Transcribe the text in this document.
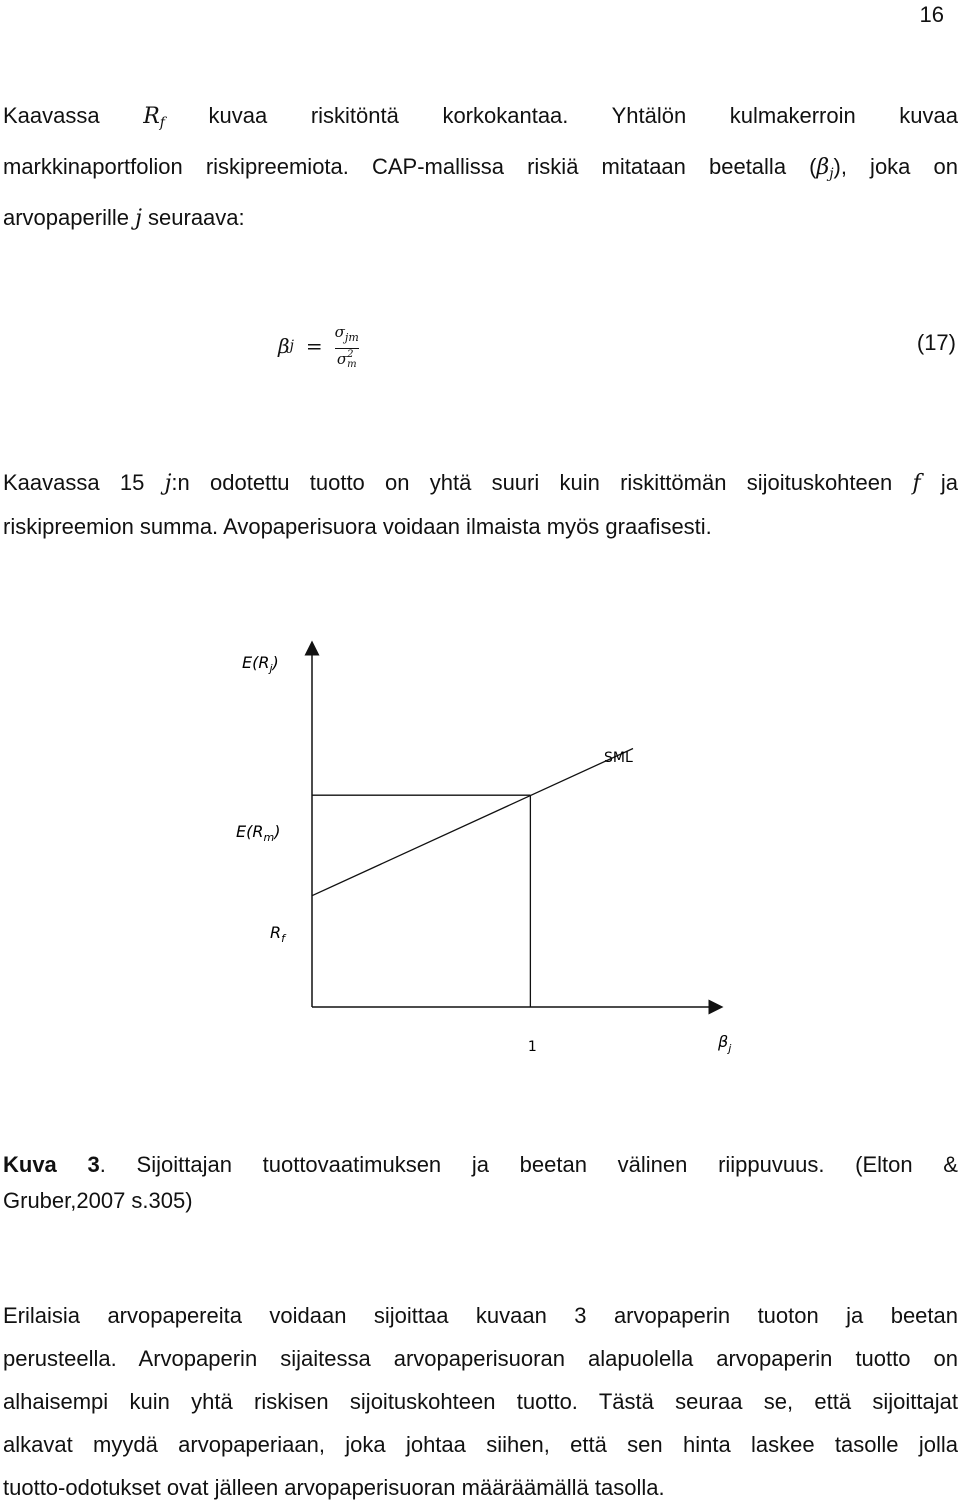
16
Kaavassa $R_f$ kuvaa riskitöntä korkokantaa. Yhtälön kulmakerroin kuvaa
markkinaportfolion riskipreemiota. CAP-mallissa riskiä mitataan beetalla $(\beta_j)$, joka on
arvopaperille j seuraava:
β $j = \sigma_{jm}$
σ 2
m	(17)
Kaavassa 15 j:n odotettu tuotto on yhtä suuri kuin riskittömän sijoituskohteen f ja
riskipreemion summa. Avopaperisuora voidaan ilmaista myös graafisesti.
$E(R_j)$
$E(R_m)$
$R_f$
SML
1	$\beta_j$
Kuva 3. Sijoittajan tuottovaatimuksen ja beetan välinen riippuvuus. (Elton &
Gruber,2007 s.305)
Erilaisia arvopapereita voidaan sijoittaa kuvaan 3 arvopaperin tuoton ja beetan
perusteella. Arvopaperin sijaitessa arvopaperisuoran alapuolella arvopaperin tuotto on
alhaisempi kuin yhtä riskisen sijoituskohteen tuotto. Tästä seuraa se, että sijoittajat
alkavat myydä arvopaperiaan, joka johtaa siihen, että sen hinta laskee tasolle jolla
tuotto-odotukset ovat jälleen arvopaperisuoran määräämällä tasolla.
